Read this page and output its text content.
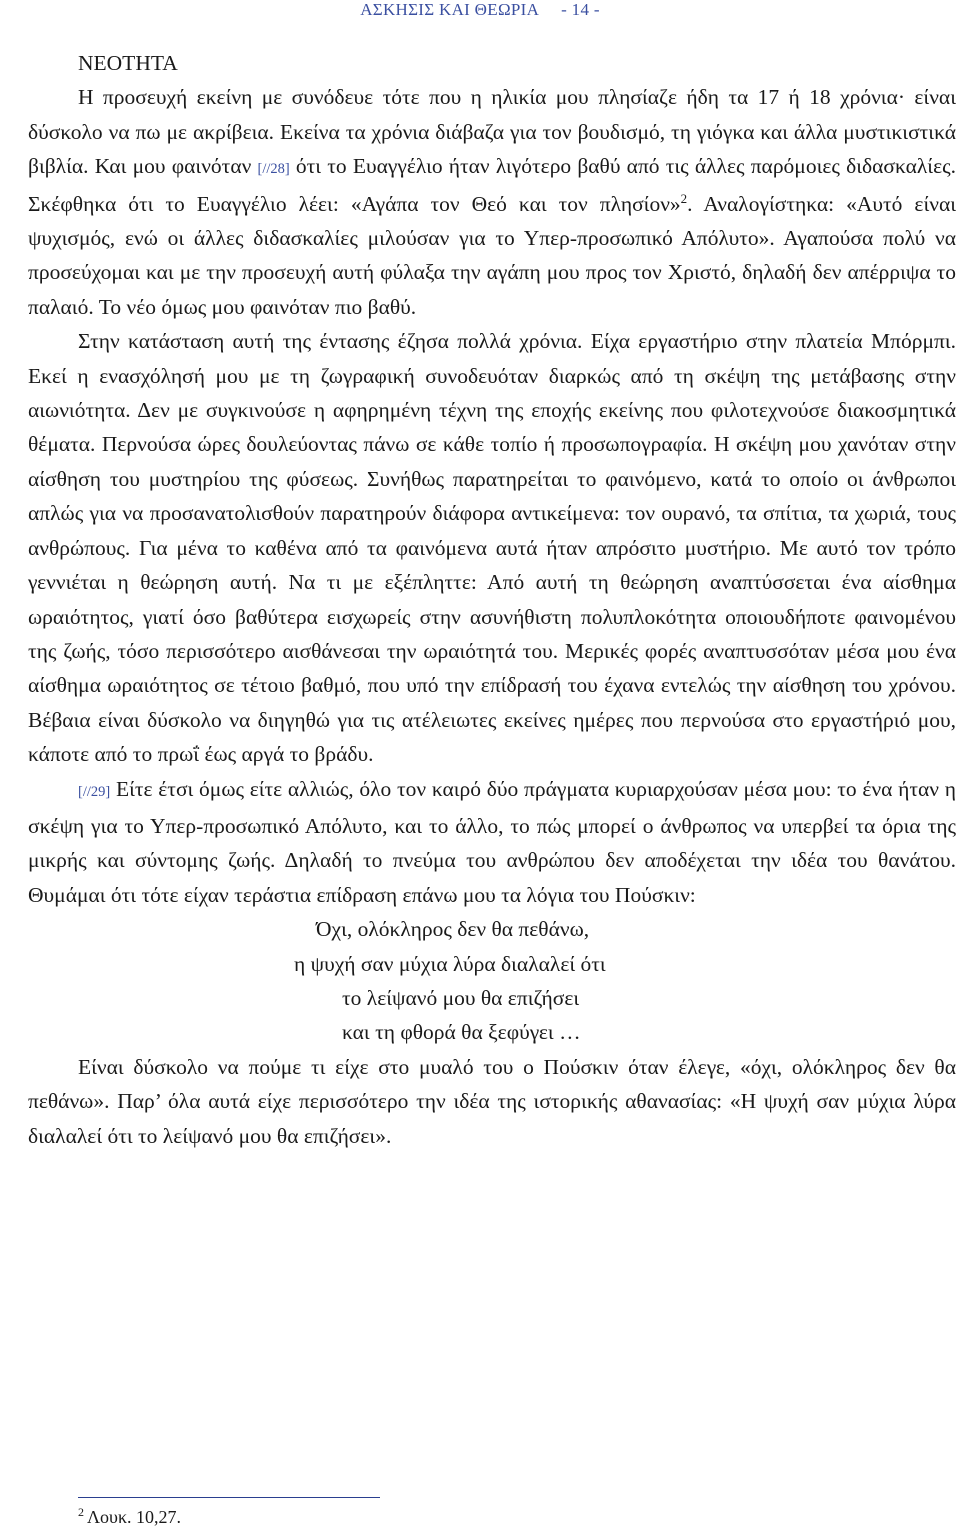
ΑΣΚΗΣΙΣ ΚΑΙ ΘΕΩΡΙΑ - 14 -
ΝΕΟΤΗΤΑ

Η προσευχή εκείνη με συνόδευε τότε που η ηλικία μου πλησίαζε ήδη τα 17 ή 18 χρόνια· είναι δύσκολο να πω με ακρίβεια. Εκείνα τα χρόνια διάβαζα για τον βουδισμό, τη γιόγκα και άλλα μυστικιστικά βιβλία. Και μου φαινόταν [//28] ότι το Ευαγγέλιο ήταν λιγότερο βαθύ από τις άλλες παρόμοιες διδασκαλίες. Σκέφθηκα ότι το Ευαγγέλιο λέει: «Αγάπα τον Θεό και τον πλησίον»$^2$. Αναλογίστηκα: «Αυτό είναι ψυχισμός, ενώ οι άλλες διδασκαλίες μιλούσαν για το Υπερ-προσωπικό Απόλυτο». Αγαπούσα πολύ να προσεύχομαι και με την προσευχή αυτή φύλαξα την αγάπη μου προς τον Χριστό, δηλαδή δεν απέρριψα το παλαιό. Το νέο όμως μου φαινόταν πιο βαθύ.

Στην κατάσταση αυτή της έντασης έζησα πολλά χρόνια. Είχα εργαστήριο στην πλατεία Μπόρμπι. Εκεί η ενασχόλησή μου με τη ζωγραφική συνοδευόταν διαρκώς από τη σκέψη της μετάβασης στην αιωνιότητα. Δεν με συγκινούσε η αφηρημένη τέχνη της εποχής εκείνης που φιλοτεχνούσε διακοσμητικά θέματα. Περνούσα ώρες δουλεύοντας πάνω σε κάθε τοπίο ή προσωπογραφία. Η σκέψη μου χανόταν στην αίσθηση του μυστηρίου της φύσεως. Συνήθως παρατηρείται το φαινόμενο, κατά το οποίο οι άνθρωποι απλώς για να προσανατολισθούν παρατηρούν διάφορα αντικείμενα: τον ουρανό, τα σπίτια, τα χωριά, τους ανθρώπους. Για μένα το καθένα από τα φαινόμενα αυτά ήταν απρόσιτο μυστήριο. Με αυτό τον τρόπο γεννιέται η θεώρηση αυτή. Να τι με εξέπληττε: Από αυτή τη θεώρηση αναπτύσσεται ένα αίσθημα ωραιότητος, γιατί όσο βαθύτερα εισχωρείς στην ασυνήθιστη πολυπλοκότητα οποιουδήποτε φαινομένου της ζωής, τόσο περισσότερο αισθάνεσαι την ωραιότητά του. Μερικές φορές αναπτυσσόταν μέσα μου ένα αίσθημα ωραιότητος σε τέτοιο βαθμό, που υπό την επίδρασή του έχανα εντελώς την αίσθηση του χρόνου. Βέβαια είναι δύσκολο να διηγηθώ για τις ατέλειωτες εκείνες ημέρες που περνούσα στο εργαστήριό μου, κάποτε από το πρωΐ έως αργά το βράδυ.

[//29] Είτε έτσι όμως είτε αλλιώς, όλο τον καιρό δύο πράγματα κυριαρχούσαν μέσα μου: το ένα ήταν η σκέψη για το Υπερ-προσωπικό Απόλυτο, και το άλλο, το πώς μπορεί ο άνθρωπος να υπερβεί τα όρια της μικρής και σύντομης ζωής. Δηλαδή το πνεύμα του ανθρώπου δεν αποδέχεται την ιδέα του θανάτου. Θυμάμαι ότι τότε είχαν τεράστια επίδραση επάνω μου τα λόγια του Πούσκιν:

Όχι, ολόκληρος δεν θα πεθάνω,
η ψυχή σαν μύχια λύρα διαλαλεί ότι
το λείψανό μου θα επιζήσει
και τη φθορά θα ξεφύγει …

Είναι δύσκολο να πούμε τι είχε στο μυαλό του ο Πούσκιν όταν έλεγε, «όχι, ολόκληρος δεν θα πεθάνω». Παρ’ όλα αυτά είχε περισσότερο την ιδέα της ιστορικής αθανασίας: «Η ψυχή σαν μύχια λύρα διαλαλεί ότι το λείψανό μου θα επιζήσει».

$^2$ Λουκ. 10,27.
